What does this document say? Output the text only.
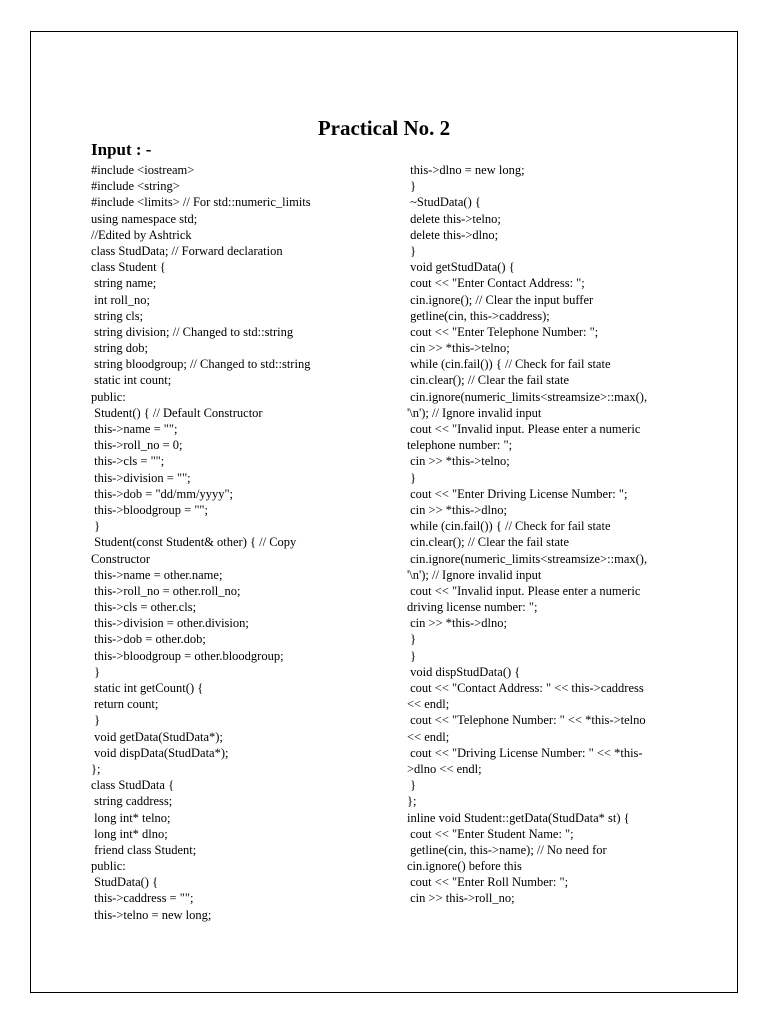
Practical No. 2
Input : -
#include <iostream>
#include <string>
#include <limits> // For std::numeric_limits
using namespace std;
//Edited by Ashtrick
class StudData; // Forward declaration
class Student {
string name;
int roll_no;
string cls;
string division; // Changed to std::string
string dob;
string bloodgroup; // Changed to std::string
static int count;
public:
Student() { // Default Constructor
this->name = "";
this->roll_no = 0;
this->cls = "";
this->division = "";
this->dob = "dd/mm/yyyy";
this->bloodgroup = "";
}
Student(const Student& other) { // Copy
Constructor
this->name = other.name;
this->roll_no = other.roll_no;
this->cls = other.cls;
this->division = other.division;
this->dob = other.dob;
this->bloodgroup = other.bloodgroup;
}
static int getCount() {
return count;
}
void getData(StudData*);
void dispData(StudData*);
};
class StudData {
string caddress;
long int* telno;
long int* dlno;
friend class Student;
public:
StudData() {
this->caddress = "";
this->telno = new long;
this->dlno = new long;
}
~StudData() {
delete this->telno;
delete this->dlno;
}
void getStudData() {
cout << "Enter Contact Address: ";
cin.ignore(); // Clear the input buffer
getline(cin, this->caddress);
cout << "Enter Telephone Number: ";
cin >> *this->telno;
while (cin.fail()) { // Check for fail state
cin.clear(); // Clear the fail state
cin.ignore(numeric_limits<streamsize>::max(),
'\n'); // Ignore invalid input
cout << "Invalid input. Please enter a numeric
telephone number: ";
cin >> *this->telno;
}
cout << "Enter Driving License Number: ";
cin >> *this->dlno;
while (cin.fail()) { // Check for fail state
cin.clear(); // Clear the fail state
cin.ignore(numeric_limits<streamsize>::max(),
'\n'); // Ignore invalid input
cout << "Invalid input. Please enter a numeric
driving license number: ";
cin >> *this->dlno;
}
}
void dispStudData() {
cout << "Contact Address: " << this->caddress
<< endl;
cout << "Telephone Number: " << *this->telno
<< endl;
cout << "Driving License Number: " << *this-
>dlno << endl;
}
};
inline void Student::getData(StudData* st) {
cout << "Enter Student Name: ";
getline(cin, this->name); // No need for
cin.ignore() before this
cout << "Enter Roll Number: ";
cin >> this->roll_no;
